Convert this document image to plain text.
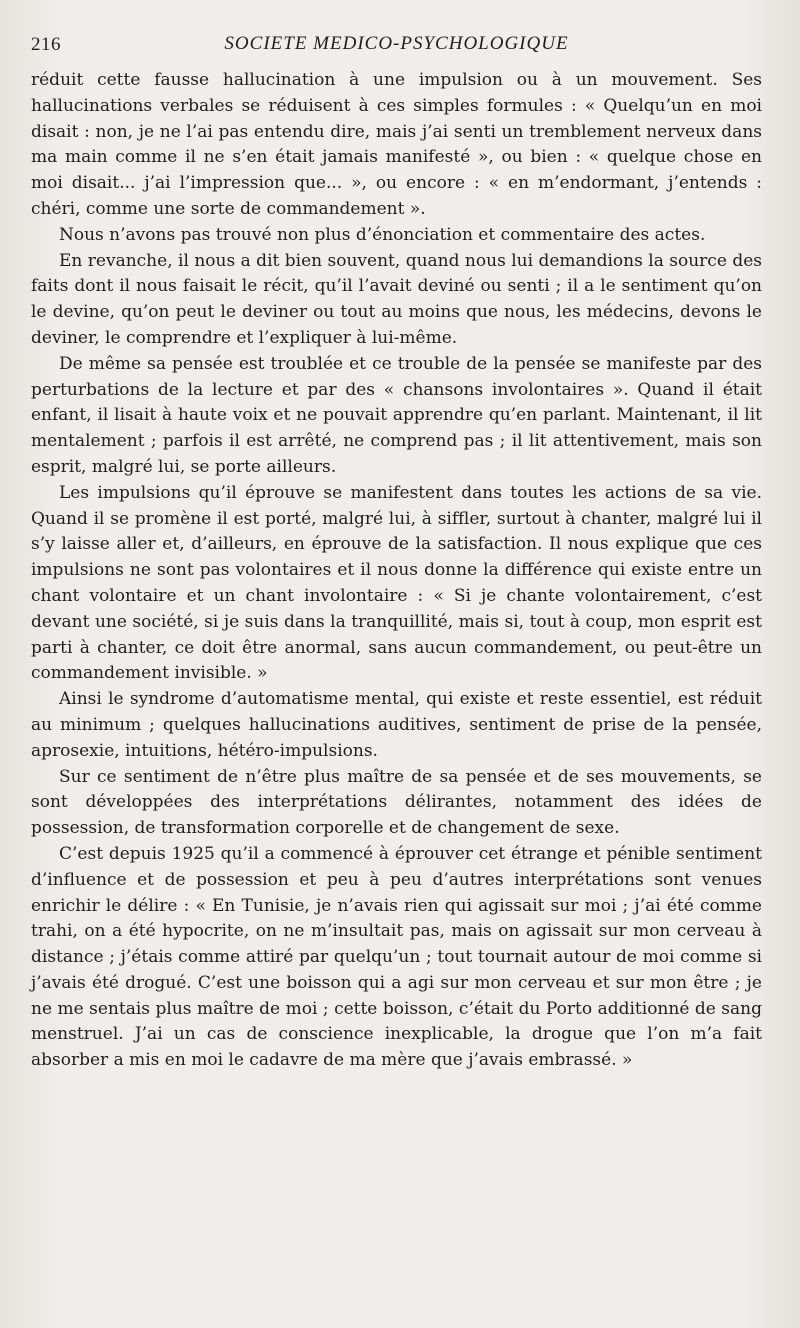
216	SOCIETE MEDICO-PSYCHOLOGIQUE

réduit cette fausse hallucination à une impulsion ou à un mouvement. Ses hallucinations verbales se réduisent à ces simples formules : « Quelqu’un en moi disait : non, je ne l’ai pas entendu dire, mais j’ai senti un tremblement nerveux dans ma main comme il ne s’en était jamais manifesté », ou bien : « quelque chose en moi disait... j’ai l’impression que... », ou encore : « en m’endormant, j’entends : chéri, comme une sorte de commandement ».

Nous n’avons pas trouvé non plus d’énonciation et commentaire des actes.

En revanche, il nous a dit bien souvent, quand nous lui demandions la source des faits dont il nous faisait le récit, qu’il l’avait deviné ou senti ; il a le sentiment qu’on le devine, qu’on peut le deviner ou tout au moins que nous, les médecins, devons le deviner, le comprendre et l’expliquer à lui-même.

De même sa pensée est troublée et ce trouble de la pensée se manifeste par des perturbations de la lecture et par des « chansons involontaires ». Quand il était enfant, il lisait à haute voix et ne pouvait apprendre qu’en parlant. Maintenant, il lit mentalement ; parfois il est arrêté, ne comprend pas ; il lit attentivement, mais son esprit, malgré lui, se porte ailleurs.

Les impulsions qu’il éprouve se manifestent dans toutes les actions de sa vie. Quand il se promène il est porté, malgré lui, à siffler, surtout à chanter, malgré lui il s’y laisse aller et, d’ailleurs, en éprouve de la satisfaction. Il nous explique que ces impulsions ne sont pas volontaires et il nous donne la différence qui existe entre un chant volontaire et un chant involontaire : « Si je chante volontairement, c’est devant une société, si je suis dans la tranquillité, mais si, tout à coup, mon esprit est parti à chanter, ce doit être anormal, sans aucun commandement, ou peut-être un commandement invisible. »

Ainsi le syndrome d’automatisme mental, qui existe et reste essentiel, est réduit au minimum ; quelques hallucinations auditives, sentiment de prise de la pensée, aprosexie, intuitions, hétéro-impulsions.

Sur ce sentiment de n’être plus maître de sa pensée et de ses mouvements, se sont développées des interprétations délirantes, notamment des idées de possession, de transformation corporelle et de changement de sexe.

C’est depuis 1925 qu’il a commencé à éprouver cet étrange et pénible sentiment d’influence et de possession et peu à peu d’autres interprétations sont venues enrichir le délire : « En Tunisie, je n’avais rien qui agissait sur moi ; j’ai été comme trahi, on a été hypocrite, on ne m’insultait pas, mais on agissait sur mon cerveau à distance ; j’étais comme attiré par quelqu’un ; tout tournait autour de moi comme si j’avais été drogué. C’est une boisson qui a agi sur mon cerveau et sur mon être ; je ne me sentais plus maître de moi ; cette boisson, c’était du Porto additionné de sang menstruel. J’ai un cas de conscience inexplicable, la drogue que l’on m’a fait absorber a mis en moi le cadavre de ma mère que j’avais embrassé. »
